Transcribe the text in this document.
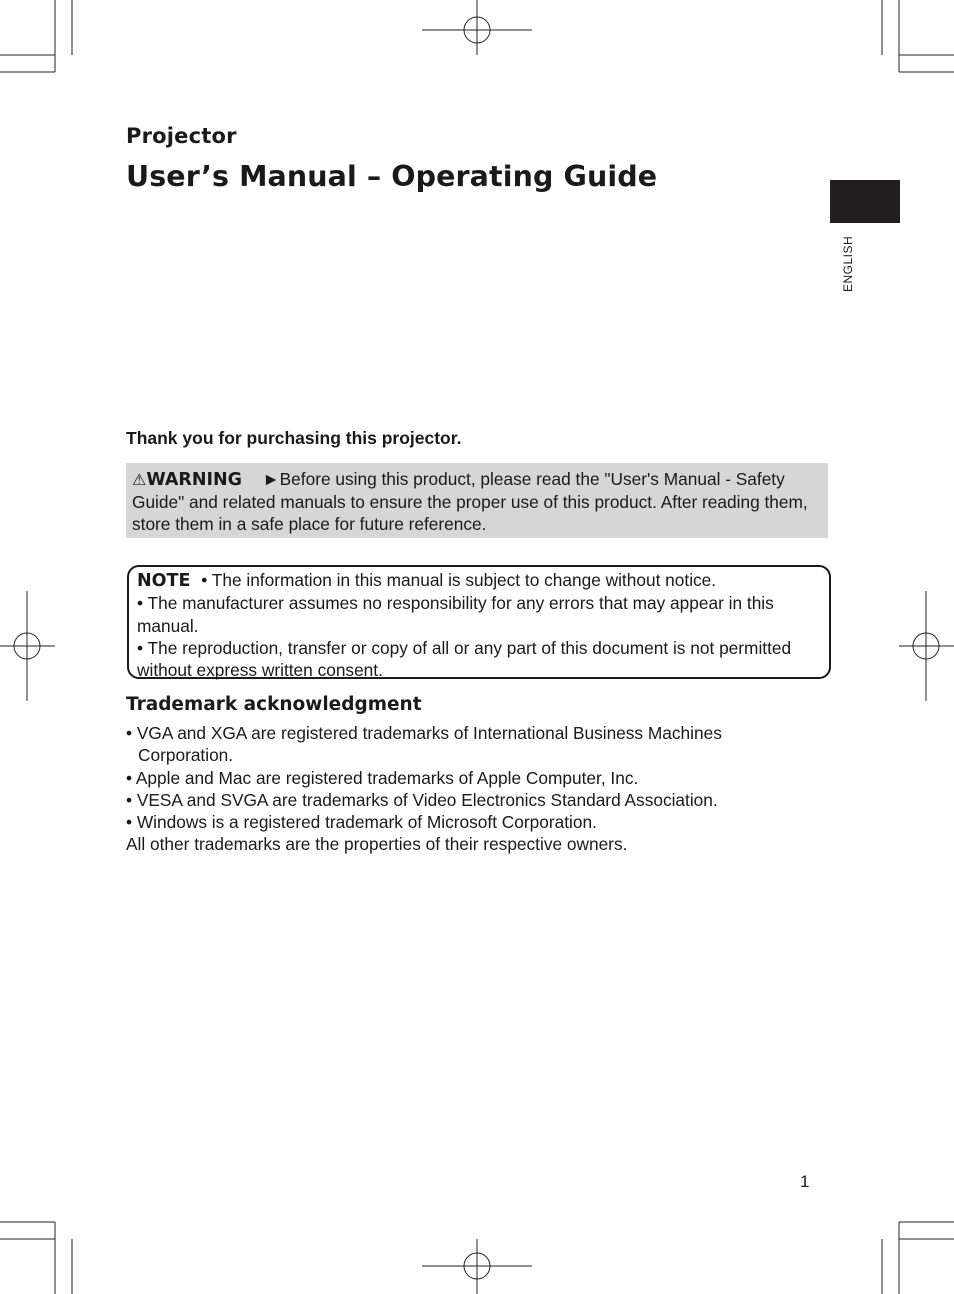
Projector
User’s Manual – Operating Guide
ENGLISH
Thank you for purchasing this projector.
⚠WARNING ►Before using this product, please read the "User's Manual - Safety Guide" and related manuals to ensure the proper use of this product. After reading them, store them in a safe place for future reference.
NOTE • The information in this manual is subject to change without notice.
• The manufacturer assumes no responsibility for any errors that may appear in this manual.
• The reproduction, transfer or copy of all or any part of this document is not permitted without express written consent.
Trademark acknowledgment
• VGA and XGA are registered trademarks of International Business Machines Corporation.
• Apple and Mac are registered trademarks of Apple Computer, Inc.
• VESA and SVGA are trademarks of Video Electronics Standard Association.
• Windows is a registered trademark of Microsoft Corporation.
All other trademarks are the properties of their respective owners.
1
